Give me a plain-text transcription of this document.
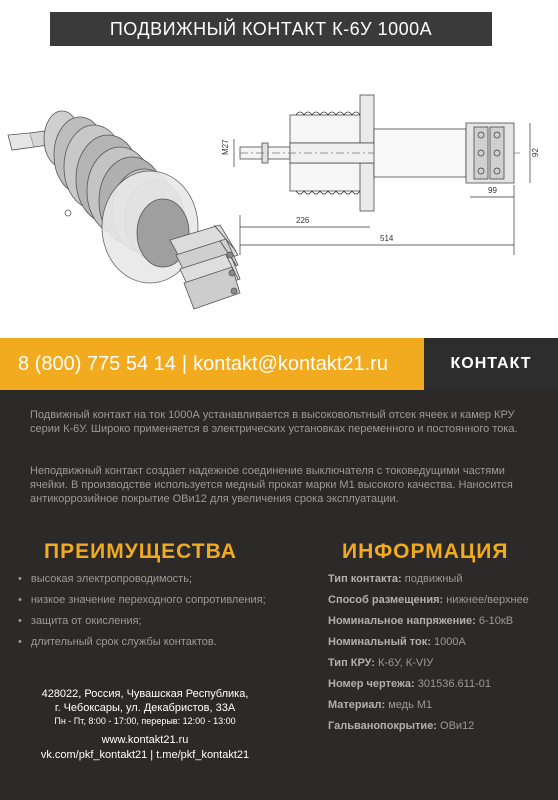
ПОДВИЖНЫЙ КОНТАКТ К-6У 1000А
М27
226
514
99
92
8 (800) 775 54 14 | kontakt@kontakt21.ru	КОНТАКТ

Подвижный контакт на ток 1000А устанавливается в высоковольтный отсек ячеек и камер КРУ серии К-6У. Широко применяется в электрических установках переменного и постоянного тока.

Неподвижный контакт создает надежное соединение выключателя с токоведущими частями ячейки. В производстве используется медный прокат марки М1 высокого качества. Наносится антикоррозийное покрытие ОВи12 для увеличения срока эксплуатации.

ПРЕИМУЩЕСТВА	ИНФОРМАЦИЯ
• высокая электропроводимость;
• низкое значение переходного сопротивления;
• защита от окисления;
• длительный срок службы контактов.
Тип контакта: подвижный
Способ размещения: нижнее/верхнее
Номинальное напряжение: 6-10кВ
Номинальный ток: 1000А
Тип КРУ: К-6У, К-VIУ
Номер чертежа: 301536.611-01
Материал: медь М1
Гальванопокрытие: ОВи12

428022, Россия, Чувашская Республика,

г. Чебоксары, ул. Декабристов, 33А

Пн - Пт, 8:00 - 17:00, перерыв: 12:00 - 13:00

www.kontakt21.ru

vk.com/pkf_kontakt21 | t.me/pkf_kontakt21
